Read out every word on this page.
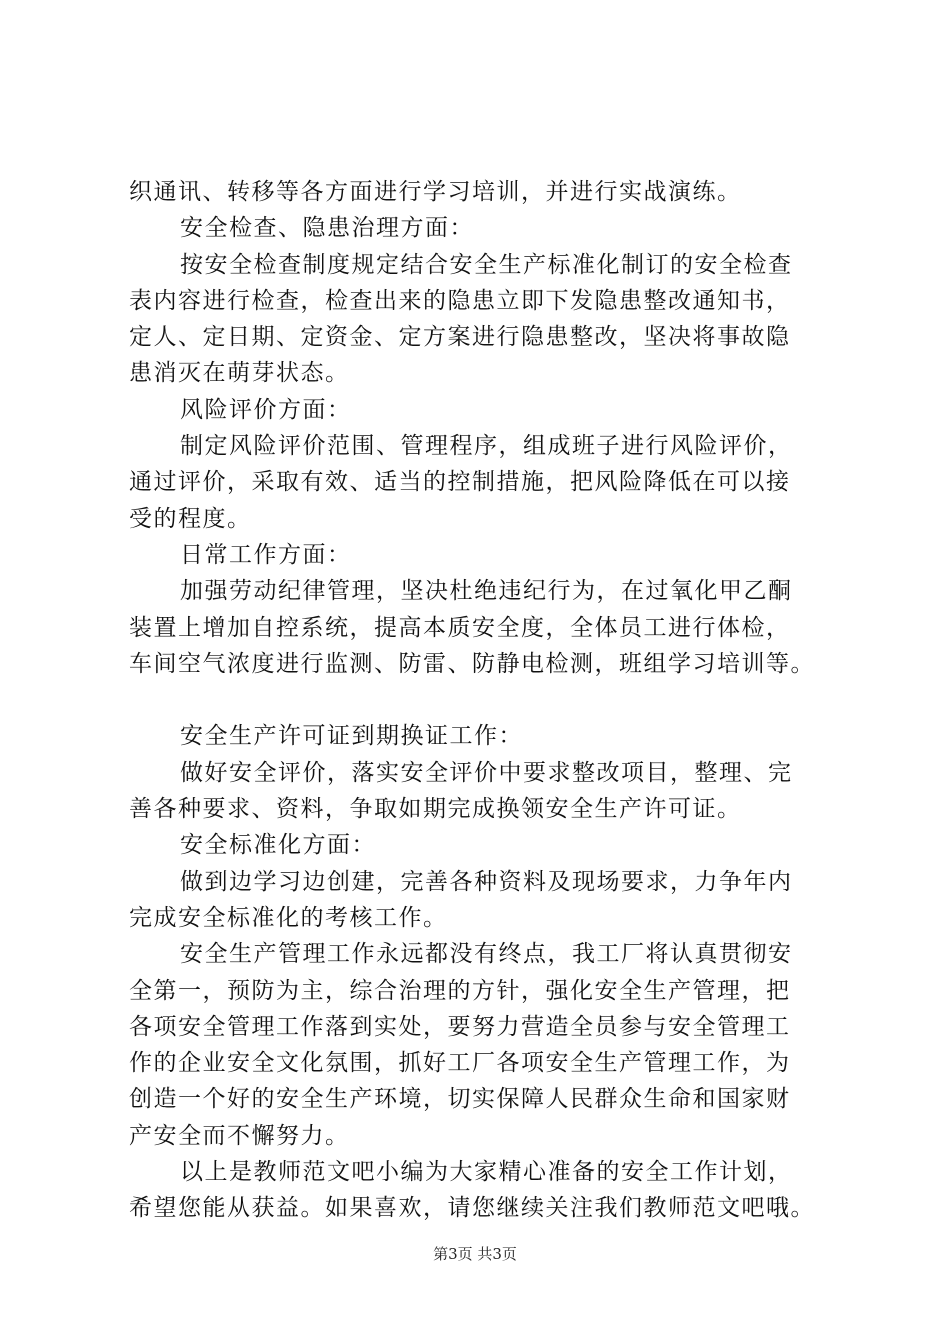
织通讯、转移等各方面进行学习培训，并进行实战演练。
安全检查、隐患治理方面：
按安全检查制度规定结合安全生产标准化制订的安全检查
表内容进行检查，检查出来的隐患立即下发隐患整改通知书，
定人、定日期、定资金、定方案进行隐患整改，坚决将事故隐
患消灭在萌芽状态。
风险评价方面：
制定风险评价范围、管理程序，组成班子进行风险评价，
通过评价，采取有效、适当的控制措施，把风险降低在可以接
受的程度。
日常工作方面：
加强劳动纪律管理，坚决杜绝违纪行为，在过氧化甲乙酮
装置上增加自控系统，提高本质安全度，全体员工进行体检，
车间空气浓度进行监测、防雷、防静电检测，班组学习培训等。
安全生产许可证到期换证工作：
做好安全评价，落实安全评价中要求整改项目，整理、完
善各种要求、资料，争取如期完成换领安全生产许可证。
安全标准化方面：
做到边学习边创建，完善各种资料及现场要求，力争年内
完成安全标准化的考核工作。
安全生产管理工作永远都没有终点，我工厂将认真贯彻安
全第一，预防为主，综合治理的方针，强化安全生产管理，把
各项安全管理工作落到实处，要努力营造全员参与安全管理工
作的企业安全文化氛围，抓好工厂各项安全生产管理工作，为
创造一个好的安全生产环境，切实保障人民群众生命和国家财
产安全而不懈努力。
以上是教师范文吧小编为大家精心准备的安全工作计划，
希望您能从获益。如果喜欢，请您继续关注我们教师范文吧哦。
第3页 共3页
